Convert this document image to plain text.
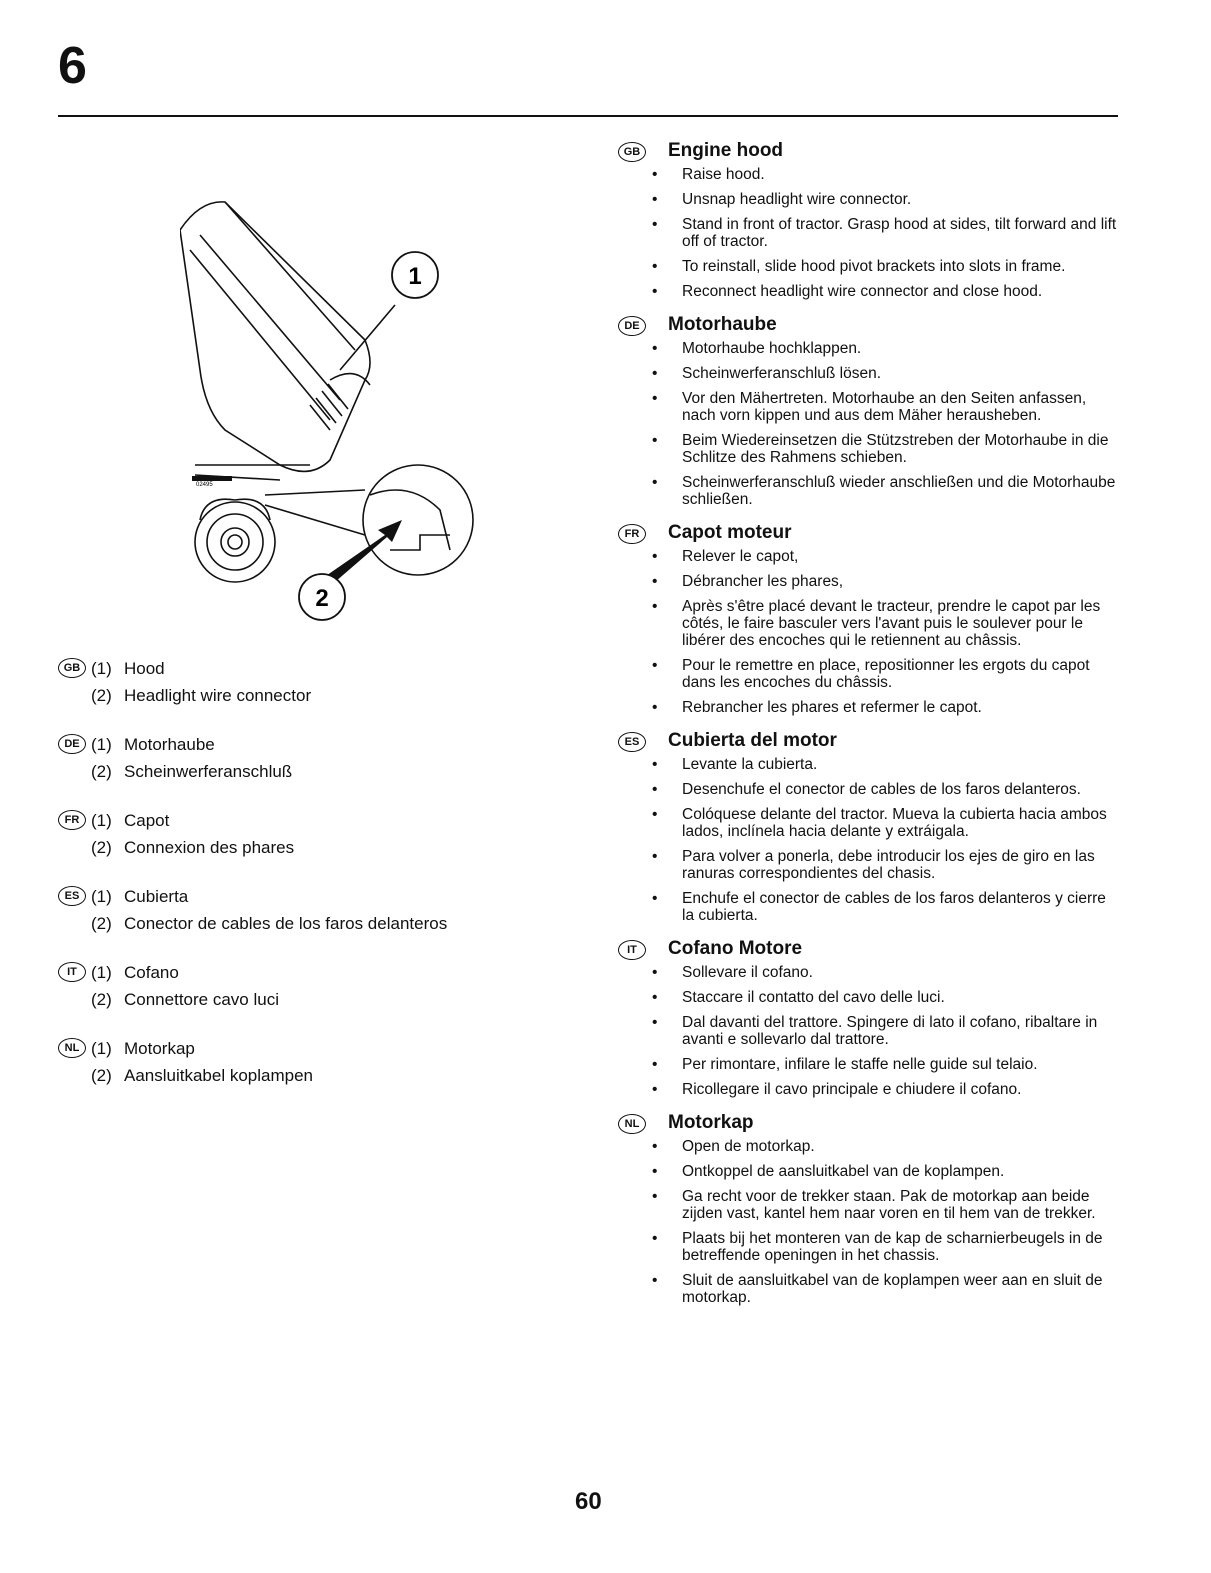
6
02495
1
2
GB (1) Hood
(2) Headlight wire connector
DE (1) Motorhaube
(2) Scheinwerferanschluß
FR (1) Capot
(2) Connexion des phares
ES (1) Cubierta
(2) Conector de cables de los faros delanteros
IT (1) Cofano
(2) Connettore cavo luci
NL (1) Motorkap
(2) Aansluitkabel koplampen
GB	Engine hood
• Raise hood.
• Unsnap headlight wire connector.
• Stand in front of tractor. Grasp hood at sides, tilt forward and lift off of tractor.
• To reinstall, slide hood pivot brackets into slots in frame.
• Reconnect headlight wire connector and close hood.
DE	Motorhaube
• Motorhaube hochklappen.
• Scheinwerferanschluß lösen.
• Vor den Mähertreten. Motorhaube an den Seiten anfassen, nach vorn kippen und aus dem Mäher herausheben.
• Beim Wiedereinsetzen die Stützstreben der Motorhaube in die Schlitze des Rahmens schieben.
• Scheinwerferanschluß wieder anschließen und die Motorhaube schließen.
FR	Capot moteur
• Relever le capot,
• Débrancher les phares,
• Après s'être placé devant le tracteur, prendre le capot par les côtés, le faire basculer vers l'avant puis le soulever pour le libérer des encoches qui le retiennent au châssis.
• Pour le remettre en place, repositionner les ergots du capot dans les encoches du châssis.
• Rebrancher les phares et refermer le capot.
ES	Cubierta del motor
• Levante la cubierta.
• Desenchufe el conector de cables de los faros delanteros.
• Colóquese delante del tractor. Mueva la cubierta hacia ambos lados, inclínela hacia delante y extráigala.
• Para volver a ponerla, debe introducir los ejes de giro en las ranuras correspondientes del chasis.
• Enchufe el conector de cables de los faros delanteros y cierre la cubierta.
IT	Cofano Motore
• Sollevare il cofano.
• Staccare il contatto del cavo delle luci.
• Dal davanti del trattore. Spingere di lato il cofano, ribaltare in avanti e sollevarlo dal trattore.
• Per rimontare, infilare le staffe nelle guide sul telaio.
• Ricollegare il cavo principale e chiudere il cofano.
NL	Motorkap
• Open de motorkap.
• Ontkoppel de aansluitkabel van de koplampen.
• Ga recht voor de trekker staan. Pak de motorkap aan beide zijden vast, kantel hem naar voren en til hem van de trekker.
• Plaats bij het monteren van de kap de scharnierbeugels in de betreffende openingen in het chassis.
• Sluit de aansluitkabel van de koplampen weer aan en sluit de motorkap.
60
